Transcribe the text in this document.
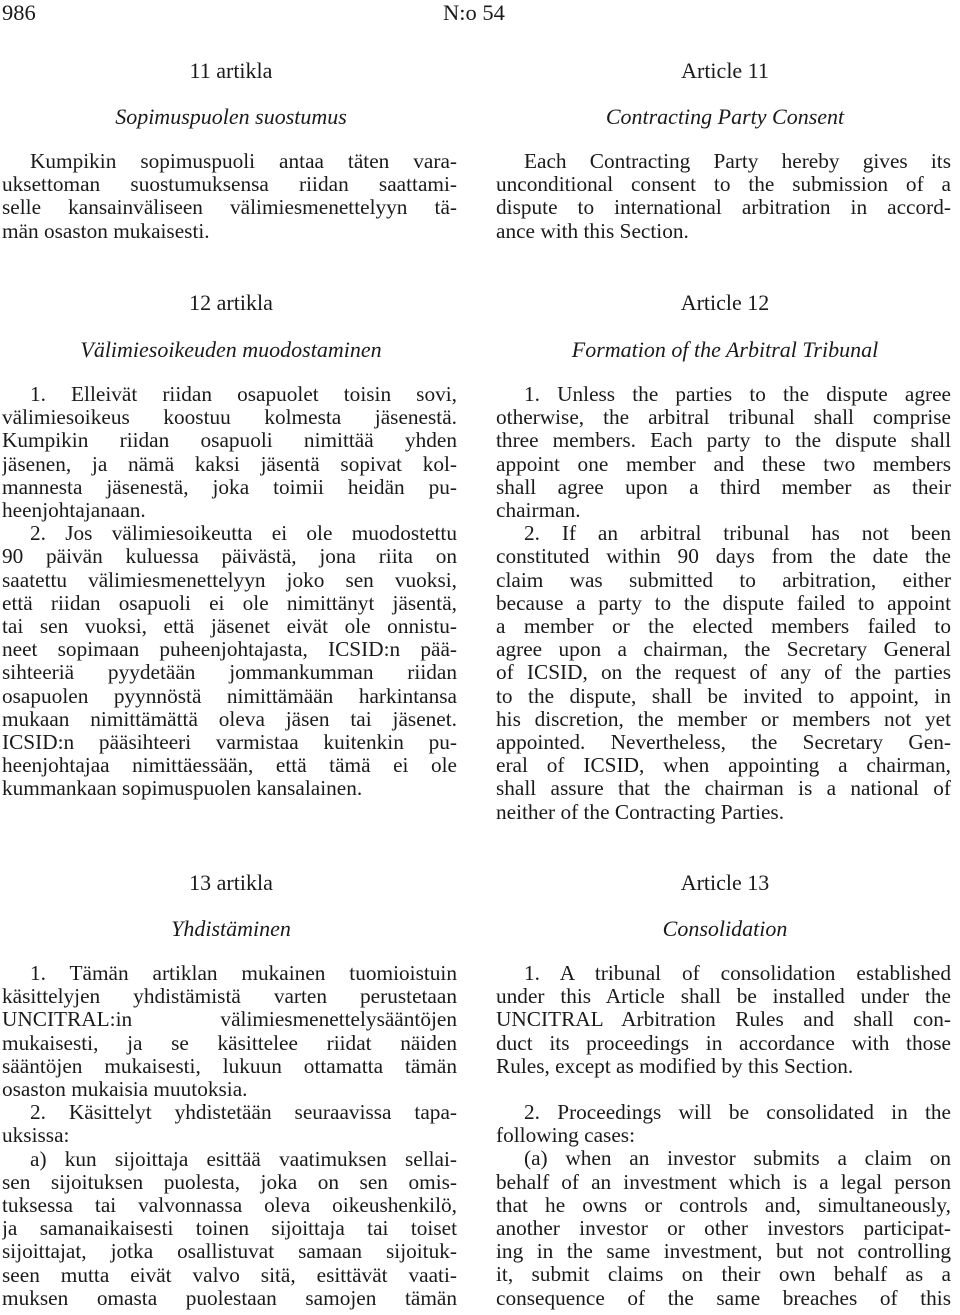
986	N:o 54
11 artikla
Sopimuspuolen suostumus
Kumpikin sopimuspuoli antaa täten vara-
uksettoman suostumuksensa riidan saattami-
selle kansainväliseen välimiesmenettelyyn tä-
män osaston mukaisesti.
Article 11
Contracting Party Consent
Each Contracting Party hereby gives its
unconditional consent to the submission of a
dispute to international arbitration in accord-
ance with this Section.
12 artikla
Välimiesoikeuden muodostaminen
1. Elleivät riidan osapuolet toisin sovi,
välimiesoikeus koostuu kolmesta jäsenestä.
Kumpikin riidan osapuoli nimittää yhden
jäsenen, ja nämä kaksi jäsentä sopivat kol-
mannesta jäsenestä, joka toimii heidän pu-
heenjohtajanaan.
2. Jos välimiesoikeutta ei ole muodostettu
90 päivän kuluessa päivästä, jona riita on
saatettu välimiesmenettelyyn joko sen vuoksi,
että riidan osapuoli ei ole nimittänyt jäsentä,
tai sen vuoksi, että jäsenet eivät ole onnistu-
neet sopimaan puheenjohtajasta, ICSID:n pää-
sihteeriä pyydetään jommankumman riidan
osapuolen pyynnöstä nimittämään harkintansa
mukaan nimittämättä oleva jäsen tai jäsenet.
ICSID:n pääsihteeri varmistaa kuitenkin pu-
heenjohtajaa nimittäessään, että tämä ei ole
kummankaan sopimuspuolen kansalainen.
Article 12
Formation of the Arbitral Tribunal
1. Unless the parties to the dispute agree
otherwise, the arbitral tribunal shall comprise
three members. Each party to the dispute shall
appoint one member and these two members
shall agree upon a third member as their
chairman.
2. If an arbitral tribunal has not been
constituted within 90 days from the date the
claim was submitted to arbitration, either
because a party to the dispute failed to appoint
a member or the elected members failed to
agree upon a chairman, the Secretary General
of ICSID, on the request of any of the parties
to the dispute, shall be invited to appoint, in
his discretion, the member or members not yet
appointed. Nevertheless, the Secretary Gen-
eral of ICSID, when appointing a chairman,
shall assure that the chairman is a national of
neither of the Contracting Parties.
13 artikla
Yhdistäminen
1. Tämän artiklan mukainen tuomioistuin
käsittelyjen yhdistämistä varten perustetaan
UNCITRAL:in välimiesmenettelysääntöjen
mukaisesti, ja se käsittelee riidat näiden
sääntöjen mukaisesti, lukuun ottamatta tämän
osaston mukaisia muutoksia.
2. Käsittelyt yhdistetään seuraavissa tapa-
uksissa:
a) kun sijoittaja esittää vaatimuksen sellai-
sen sijoituksen puolesta, joka on sen omis-
tuksessa tai valvonnassa oleva oikeushenkilö,
ja samanaikaisesti toinen sijoittaja tai toiset
sijoittajat, jotka osallistuvat samaan sijoituk-
seen mutta eivät valvo sitä, esittävät vaati-
muksen omasta puolestaan samojen tämän
Article 13
Consolidation
1. A tribunal of consolidation established
under this Article shall be installed under the
UNCITRAL Arbitration Rules and shall con-
duct its proceedings in accordance with those
Rules, except as modified by this Section.
2. Proceedings will be consolidated in the
following cases:
(a) when an investor submits a claim on
behalf of an investment which is a legal person
that he owns or controls and, simultaneously,
another investor or other investors participat-
ing in the same investment, but not controlling
it, submit claims on their own behalf as a
consequence of the same breaches of this
